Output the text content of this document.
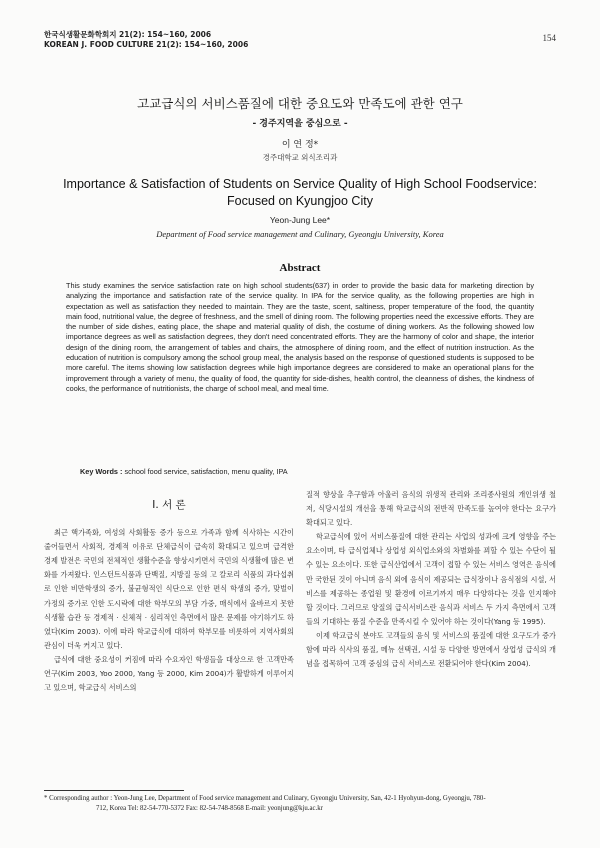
한국식생활문화학회지 21(2): 154~160, 2006
KOREAN J. FOOD CULTURE 21(2): 154~160, 2006
154
고교급식의 서비스품질에 대한 중요도와 만족도에 관한 연구
- 경주지역을 중심으로 -
이 연 정*
경주대학교 외식조리과
Importance & Satisfaction of Students on Service Quality of High School Foodservice:
Focused on Kyungjoo City
Yeon-Jung Lee*
Department of Food service management and Culinary, Gyeongju University, Korea
Abstract
This study examines the service satisfaction rate on high school students(637) in order to provide the basic data for marketing direction by analyzing the importance and satisfaction rate of the service quality. In IPA for the service quality, as the following properties are high in expectation as well as satisfaction they needed to maintain. They are the taste, scent, saltiness, proper temperature of the food, the quantity main food, nutritional value, the degree of freshness, and the smell of dining room. The following properties need the excessive efforts. They are the number of side dishes, eating place, the shape and material quality of dish, the costume of dining workers. As the following showed low importance degrees as well as satisfaction degrees, they don't need concentrated efforts. They are the harmony of color and shape, the interior design of the dining room, the arrangement of tables and chairs, the atmosphere of dining room, and the effect of nutrition instruction. As the education of nutrition is compulsory among the school group meal, the analysis based on the response of questioned students is supposed to be more careful. The items showing low satisfaction degrees while high importance degrees are considered to make an operational plans for the improvement through a variety of menu, the quality of food, the quantity for side-dishes, health control, the cleanness of dishes, the kindness of cooks, the performance of nutritionists, the charge of school meal, and meal time.
Key Words : school food service, satisfaction, menu quality, IPA
I. 서 론

최근 핵가족화, 여성의 사회활동 증가 등으로 가족과 함께 식사하는 시간이 줄어들면서 사회적, 경제적 이유로 단체급식이 급속히 확대되고 있으며 급격한 경제 발전은 국민의 전체적인 생활수준을 향상시키면서 국민의 식생활에 많은 변화를 가져왔다. 인스턴트식품과 단백질, 지방질 등의 고 칼로리 식품의 과다섭취로 인한 비만학생의 증가, 불균형적인 식단으로 인한 편식 학생의 증가, 맞벌이 가정의 증가로 인한 도시락에 대한 학부모의 부담 가중, 매식에서 올바르지 못한 식생활 습관 등 경제적 · 신체적 · 심리적인 측면에서 많은 문제를 야기하기도 하였다(Kim 2003). 이에 따라 학교급식에 대하여 학부모를 비롯하여 지역사회의 관심이 더욱 커지고 있다.

급식에 대한 중요성이 커짐에 따라 수요자인 학생들을 대상으로 한 고객만족 연구(Kim 2003, Yoo 2000, Yang 등 2000, Kim 2004)가 활발하게 이루어지고 있으며, 학교급식 서비스의

질적 향상을 추구함과 아울러 음식의 위생적 관리와 조리종사원의 개인위생 철저, 식당시설의 개선을 통해 학교급식의 전반적 만족도를 높여야 한다는 요구가 확대되고 있다.

학교급식에 있어 서비스품질에 대한 관리는 사업의 성과에 크게 영향을 주는 요소이며, 타 급식업체나 상업성 외식업소와의 차별화를 꾀할 수 있는 수단이 될 수 있는 요소이다. 또한 급식산업에서 고객이 접할 수 있는 서비스 영역은 음식에만 국한된 것이 아니며 음식 외에 음식이 제공되는 급식장이나 음식점의 시설, 서비스를 제공하는 종업원 및 환경에 이르기까지 매우 다양하다는 것을 인지해야 할 것이다. 그러므로 양질의 급식서비스란 음식과 서비스 두 가지 측면에서 고객들의 기대하는 품질 수준을 만족시킬 수 있어야 하는 것이다(Yang 등 1995).

이제 학교급식 분야도 고객들의 음식 및 서비스의 품질에 대한 요구도가 증가함에 따라 식사의 품질, 메뉴 선택권, 시설 등 다양한 방면에서 상업성 급식의 개념을 접목하여 고객 중심의 급식 서비스로 전환되어야 한다(Kim 2004).

* Corresponding author : Yeon-Jung Lee, Department of Food service management and Culinary, Gyeongju University, San, 42-1 Hyohyun-dong, Gyeongju, 780-
712, Korea Tel: 82-54-770-5372 Fax: 82-54-748-8568 E-mail: yeonjung@kju.ac.kr
